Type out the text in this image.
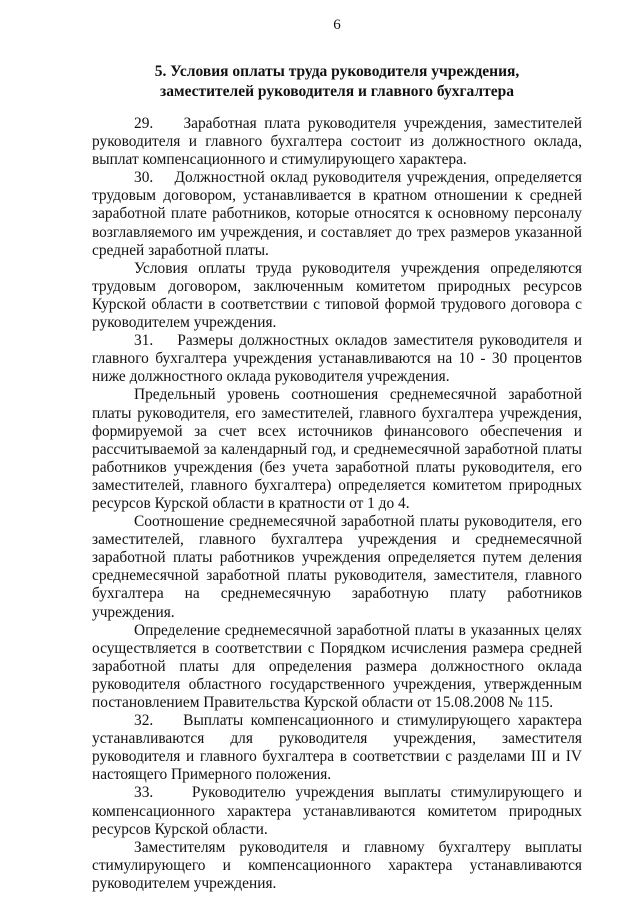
6
5. Условия оплаты труда руководителя учреждения,
заместителей руководителя и главного бухгалтера

29.    Заработная плата руководителя учреждения, заместителей руководителя и главного бухгалтера состоит из должностного оклада, выплат компенсационного и стимулирующего характера.

30.    Должностной оклад руководителя учреждения, определяется трудовым договором, устанавливается в кратном отношении к средней заработной плате работников, которые относятся к основному персоналу возглавляемого им учреждения, и составляет до трех размеров указанной средней заработной платы.

Условия оплаты труда руководителя учреждения определяются трудовым договором, заключенным комитетом природных ресурсов Курской области в соответствии с типовой формой трудового договора с руководителем учреждения.

31.    Размеры должностных окладов заместителя руководителя и главного бухгалтера учреждения устанавливаются на 10 - 30 процентов ниже должностного оклада руководителя учреждения.

Предельный уровень соотношения среднемесячной заработной платы руководителя, его заместителей, главного бухгалтера учреждения, формируемой за счет всех источников финансового обеспечения и рассчитываемой за календарный год, и среднемесячной заработной платы работников учреждения (без учета заработной платы руководителя, его заместителей, главного бухгалтера) определяется комитетом природных ресурсов Курской области в кратности от 1 до 4.

Соотношение среднемесячной заработной платы руководителя, его заместителей, главного бухгалтера учреждения и среднемесячной заработной платы работников учреждения определяется путем деления среднемесячной заработной платы руководителя, заместителя, главного бухгалтера на среднемесячную заработную плату работников учреждения.

Определение среднемесячной заработной платы в указанных целях осуществляется в соответствии с Порядком исчисления размера средней заработной платы для определения размера должностного оклада руководителя областного государственного учреждения, утвержденным постановлением Правительства Курской области от 15.08.2008 № 115.

32.    Выплаты компенсационного и стимулирующего характера устанавливаются для руководителя учреждения, заместителя руководителя и главного бухгалтера в соответствии с разделами III и IV настоящего Примерного положения.

33.    Руководителю учреждения выплаты стимулирующего и компенсационного характера устанавливаются комитетом природных ресурсов Курской области.

Заместителям руководителя и главному бухгалтеру выплаты стимулирующего и компенсационного характера устанавливаются руководителем учреждения.
